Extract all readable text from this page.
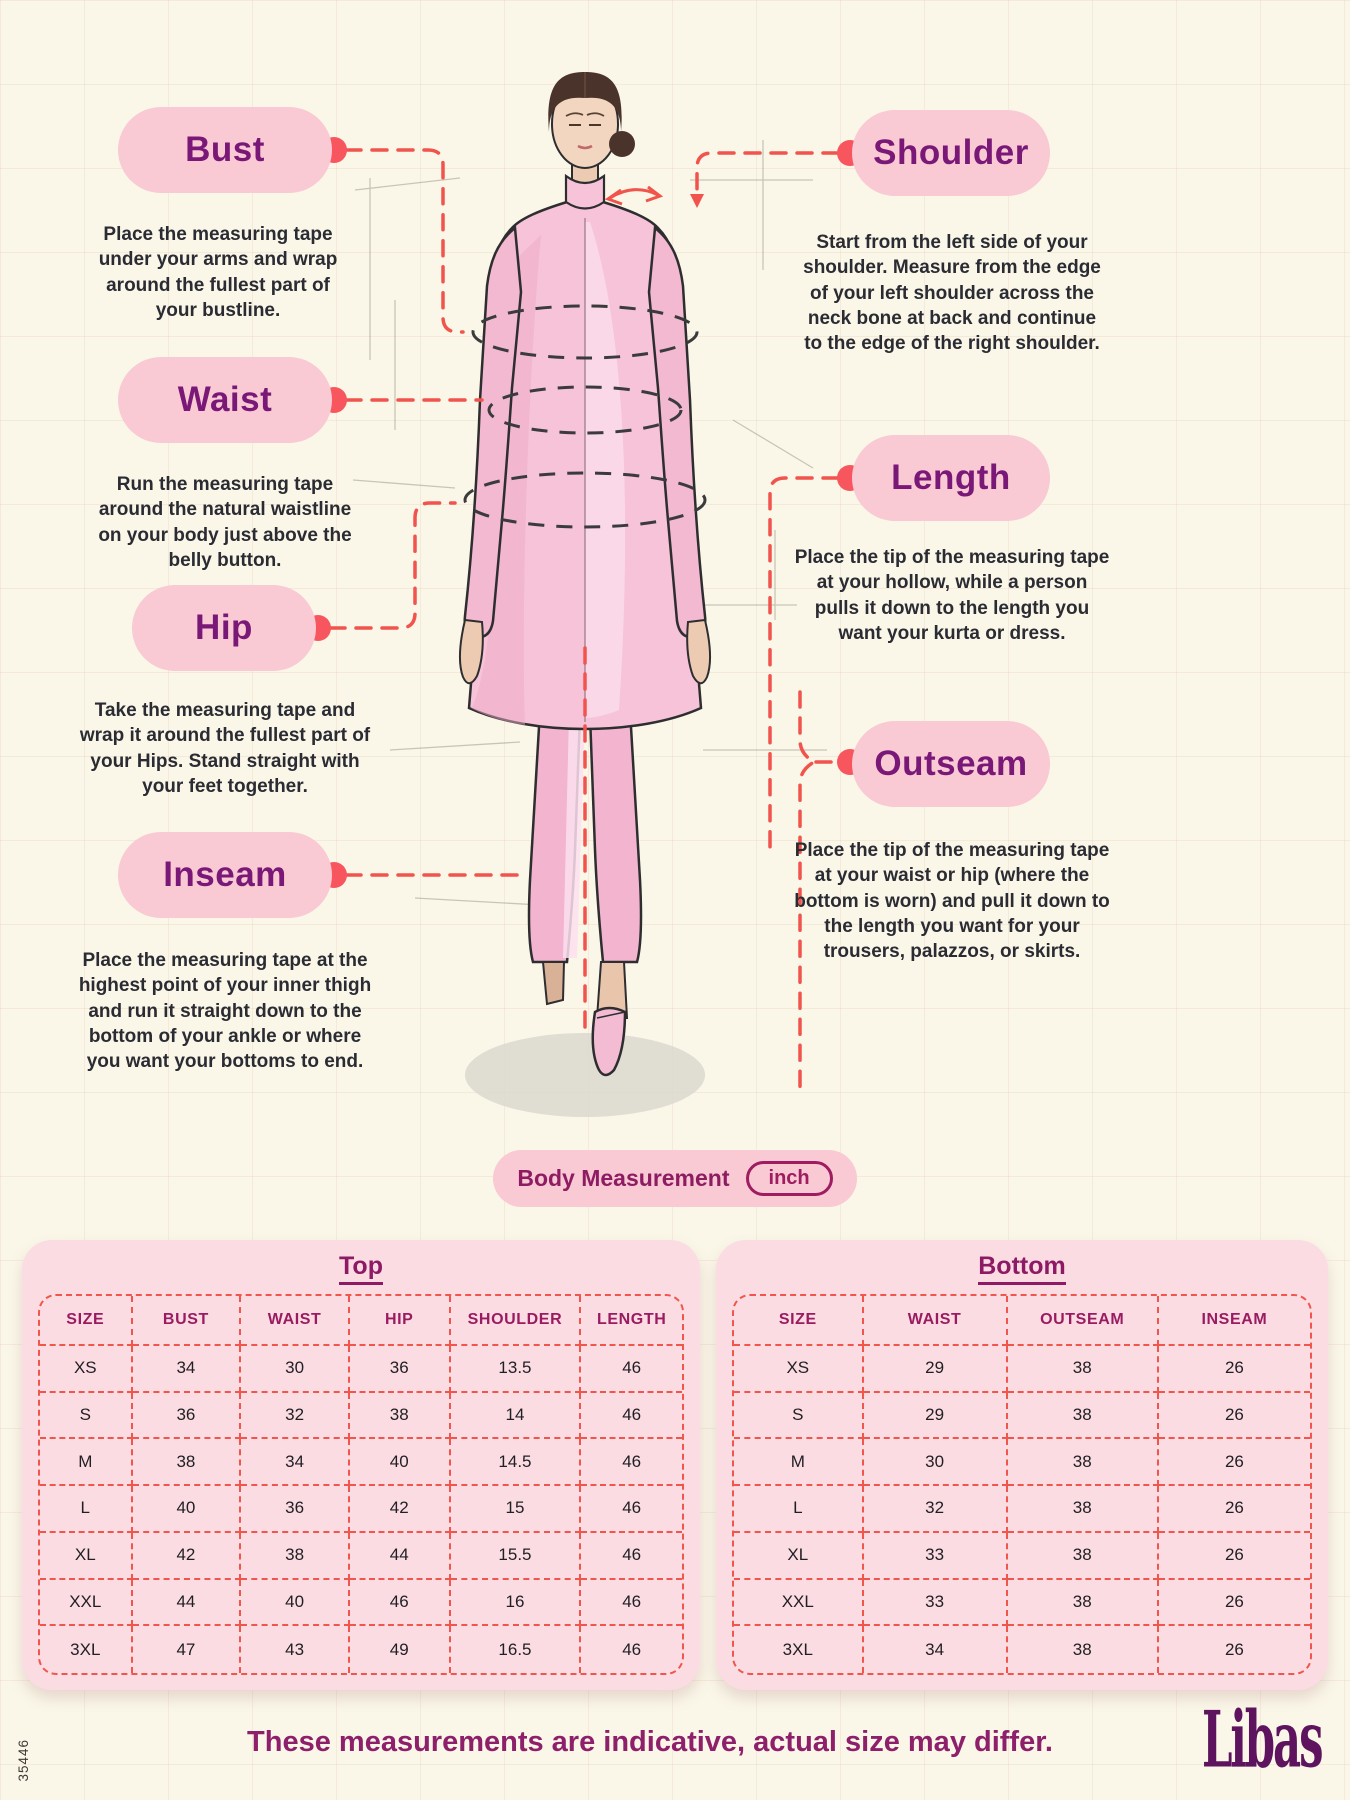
Bust
Place the measuring tape under your arms and wrap around the fullest part of your bustline.
Waist
Run the measuring tape around the natural waistline on your body just above the belly button.
Hip
Take the measuring tape and wrap it around the fullest part of your Hips. Stand straight with your feet together.
Inseam
Place the measuring tape at the highest point of your inner thigh and run it straight down to the bottom of your ankle or where you want your bottoms to end.
Shoulder
Start from the left side of your shoulder. Measure from the edge of your left shoulder across the neck bone at back and continue to the edge of the right shoulder.
Length
Place the tip of the measuring tape at your hollow, while a person pulls it down to the length you want your kurta or dress.
Outseam
Place the tip of the measuring tape at your waist or hip (where the bottom is worn) and pull it down to the length you want for your trousers, palazzos, or skirts.
Body Measurement	inch
Top
SIZE	BUST	WAIST	HIP	SHOULDER	LENGTH
XS	34	30	36	13.5	46
S	36	32	38	14	46
M	38	34	40	14.5	46
L	40	36	42	15	46
XL	42	38	44	15.5	46
XXL	44	40	46	16	46
3XL	47	43	49	16.5	46
Bottom
SIZE	WAIST	OUTSEAM	INSEAM
XS	29	38	26
S	29	38	26
M	30	38	26
L	32	38	26
XL	33	38	26
XXL	33	38	26
3XL	34	38	26
These measurements are indicative, actual size may differ.	Libas
35446
